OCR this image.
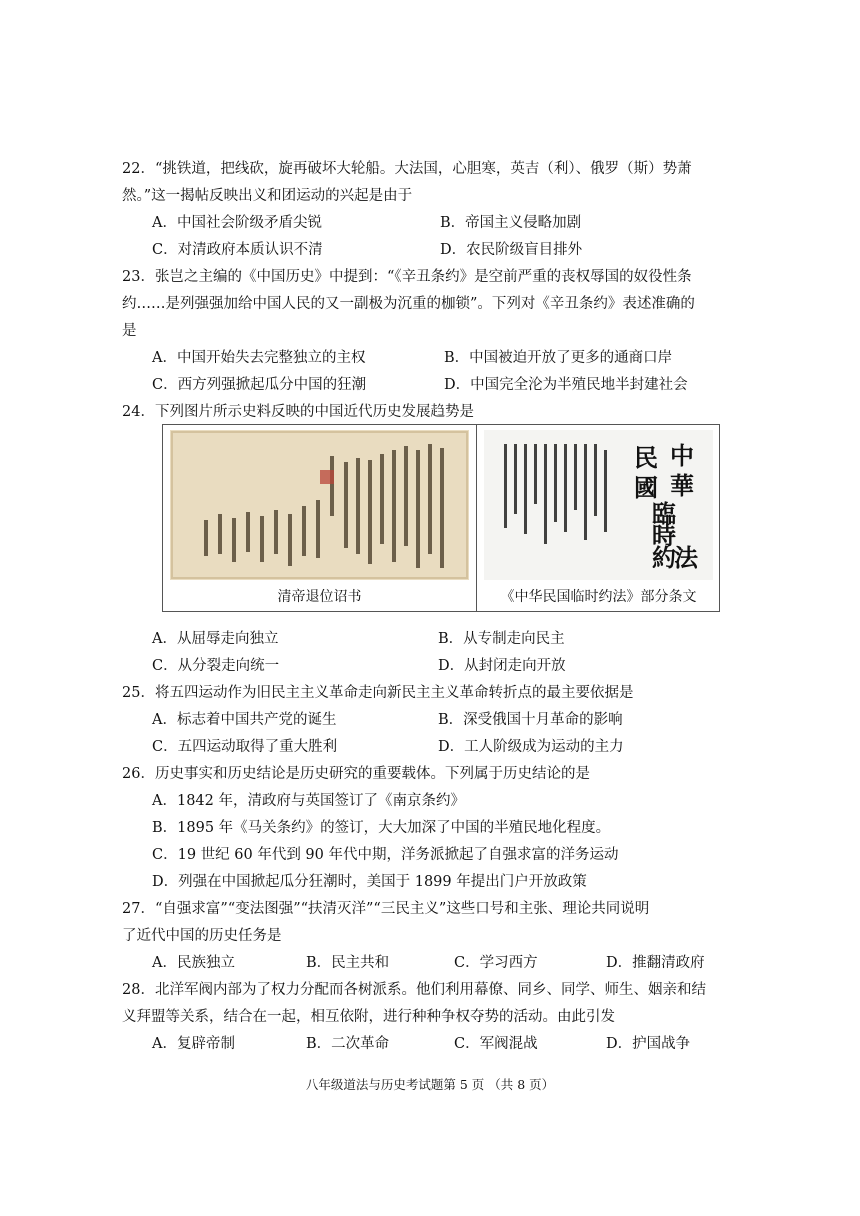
22．“挑铁道，把线砍，旋再破坏大轮船。大法国，心胆寒，英吉（利）、俄罗（斯）势萧
然。”这一揭帖反映出义和团运动的兴起是由于
A．中国社会阶级矛盾尖锐	B．帝国主义侵略加剧
C．对清政府本质认识不清	D．农民阶级盲目排外
23．张岂之主编的《中国历史》中提到：“《辛丑条约》是空前严重的丧权辱国的奴役性条
约……是列强强加给中国人民的又一副极为沉重的枷锁”。下列对《辛丑条约》表述准确的
是
A．中国开始失去完整独立的主权	B．中国被迫开放了更多的通商口岸
C．西方列强掀起瓜分中国的狂潮	D．中国完全沦为半殖民地半封建社会
24．下列图片所示史料反映的中国近代历史发展趋势是
清帝退位诏书
中
華
民
國
臨
時
約
法
《中华民国临时约法》部分条文
A．从屈辱走向独立	B．从专制走向民主
C．从分裂走向统一	D．从封闭走向开放
25．将五四运动作为旧民主主义革命走向新民主主义革命转折点的最主要依据是
A．标志着中国共产党的诞生	B．深受俄国十月革命的影响
C．五四运动取得了重大胜利	D．工人阶级成为运动的主力
26．历史事实和历史结论是历史研究的重要载体。下列属于历史结论的是
A．1842 年，清政府与英国签订了《南京条约》
B．1895 年《马关条约》的签订，大大加深了中国的半殖民地化程度。
C．19 世纪 60 年代到 90 年代中期，洋务派掀起了自强求富的洋务运动
D．列强在中国掀起瓜分狂潮时，美国于 1899 年提出门户开放政策
27．“自强求富”“变法图强”“扶清灭洋”“三民主义”这些口号和主张、理论共同说明
了近代中国的历史任务是
A．民族独立	B．民主共和	C．学习西方	D．推翻清政府
28．北洋军阀内部为了权力分配而各树派系。他们利用幕僚、同乡、同学、师生、姻亲和结
义拜盟等关系，结合在一起，相互依附，进行种种争权夺势的活动。由此引发
A．复辟帝制	B．二次革命	C．军阀混战	D．护国战争
八年级道法与历史考试题第 5 页 （共 8 页）
